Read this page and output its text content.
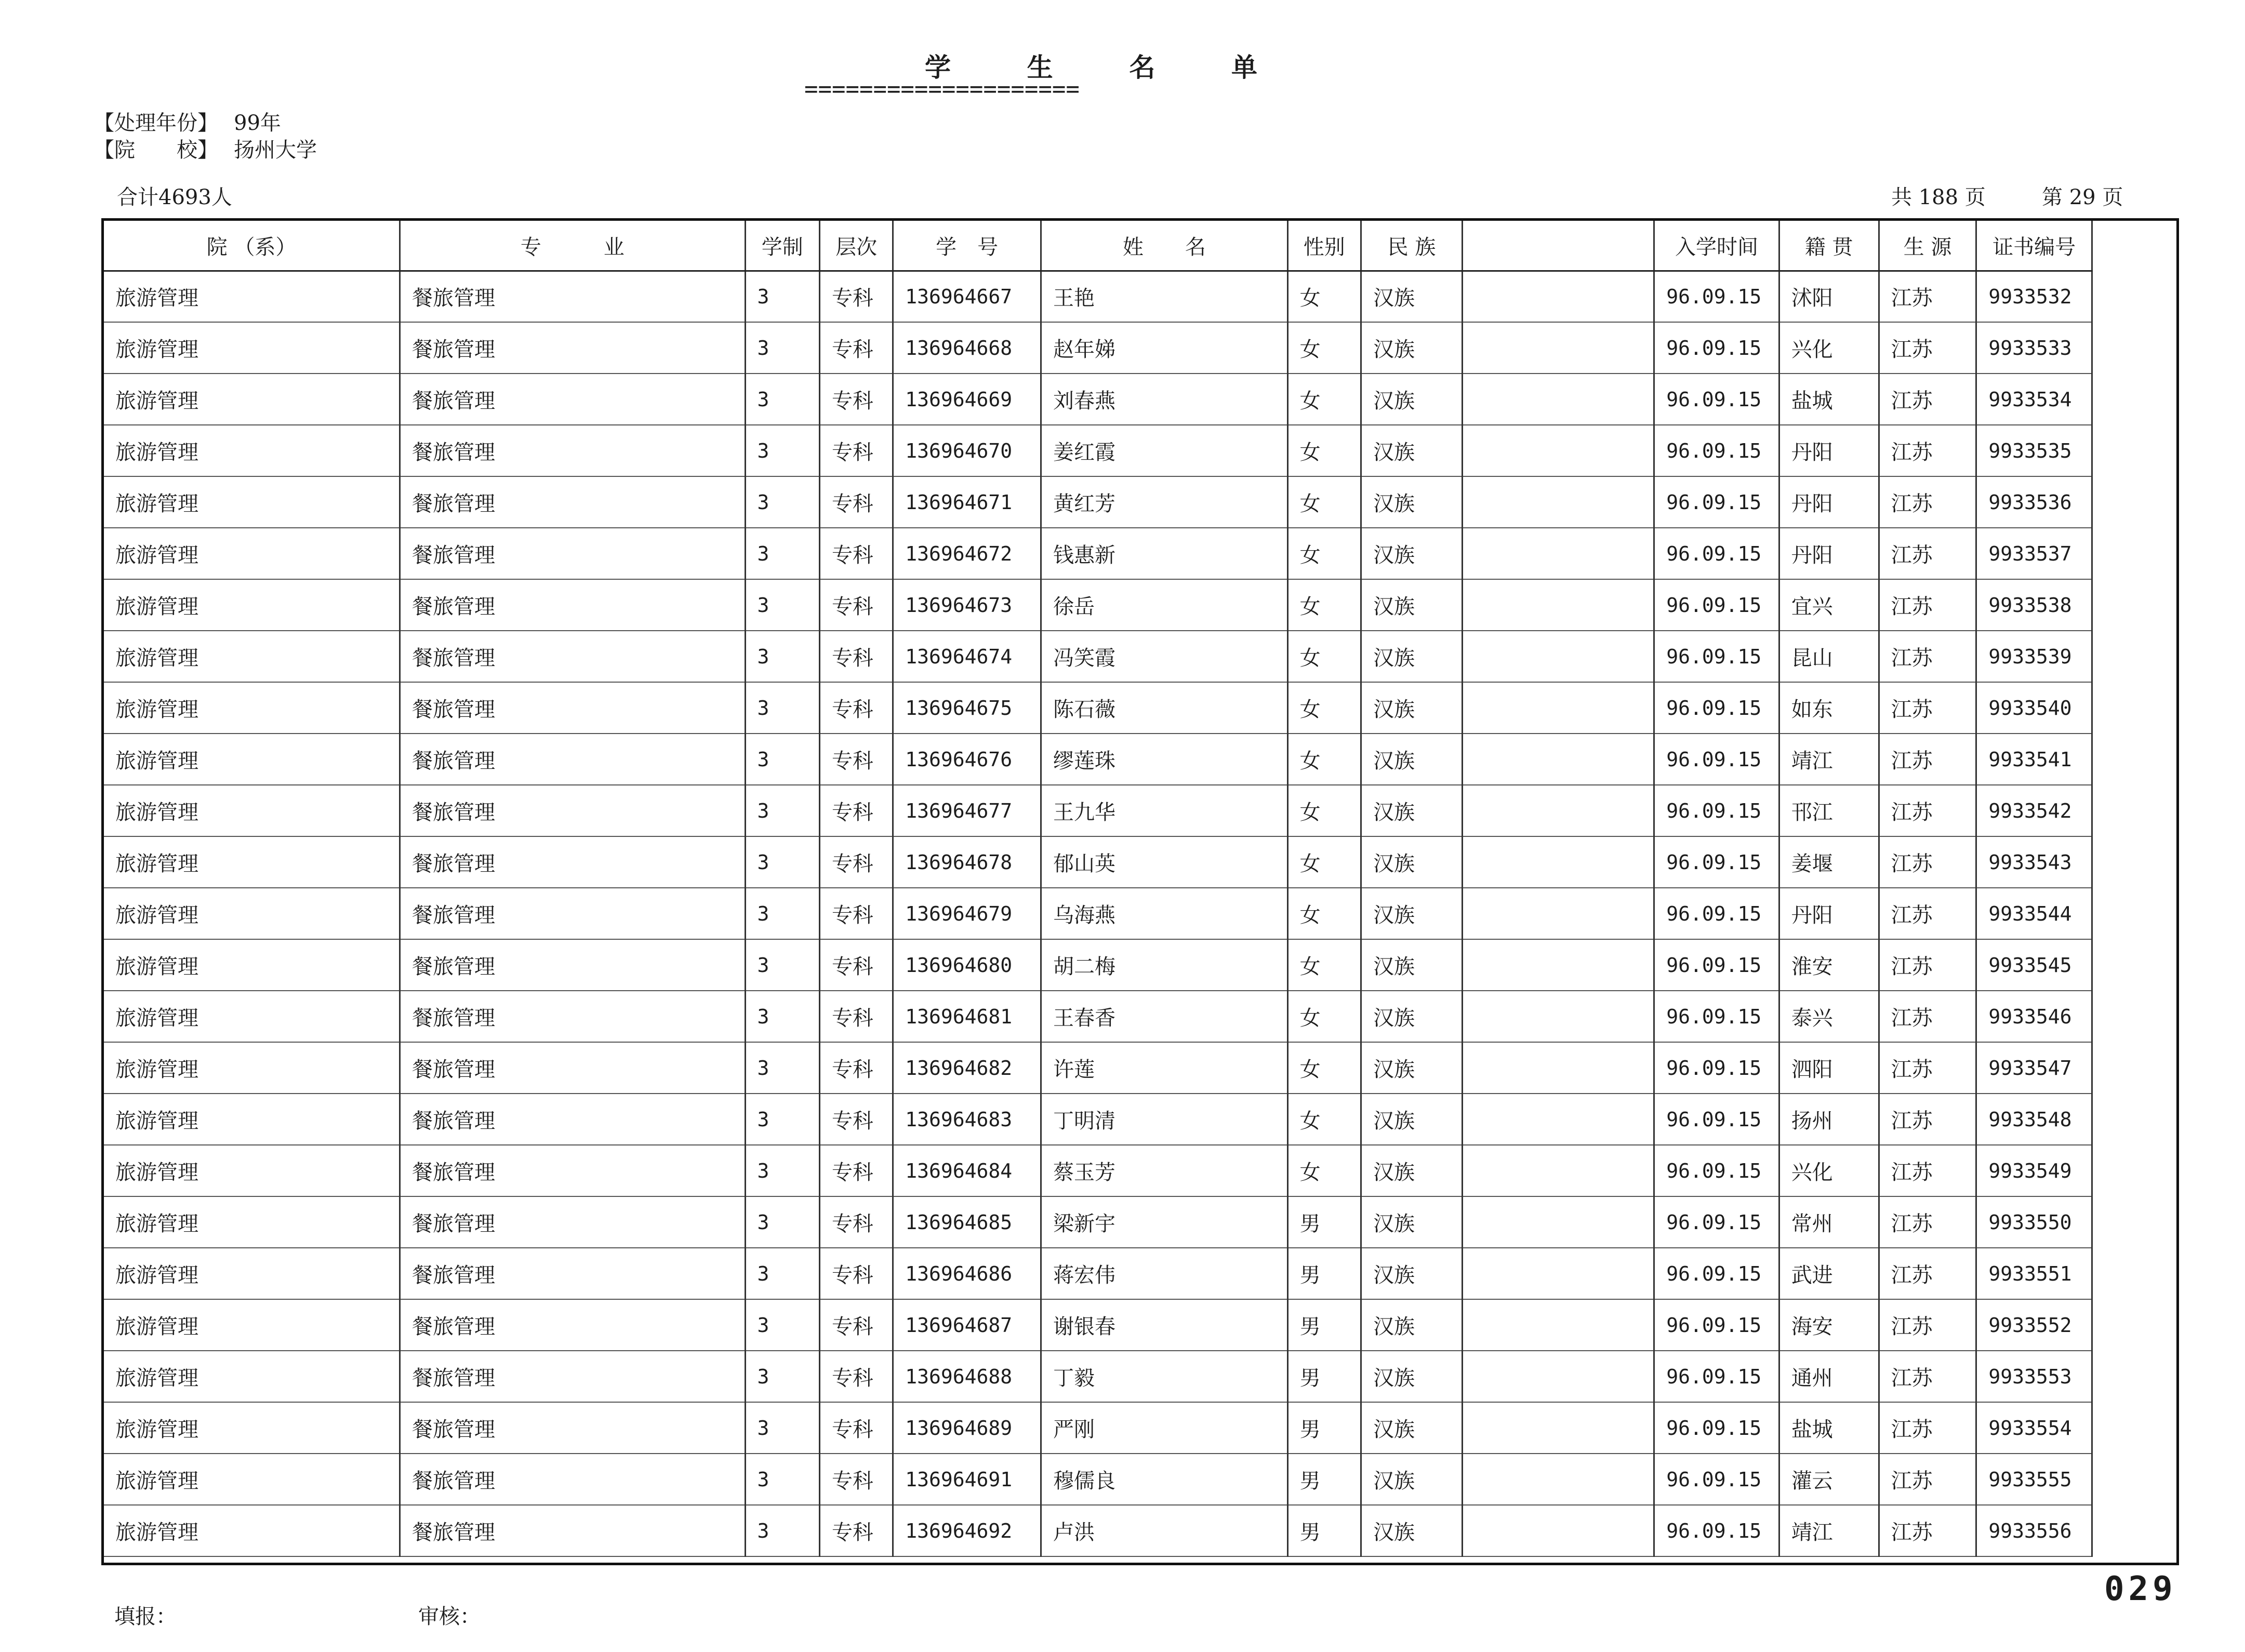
学	生	名	单
====================
【处理年份】 99年
【院　　校】 扬州大学
合计4693人	共 188 页	第 29 页
院 （系）	专　　　业	学制	层次	学　号	姓　　名	性别	民 族		入学时间	籍 贯	生 源	证书编号
旅游管理	餐旅管理	3	专科	136964667	王艳	女	汉族		96.09.15	沭阳	江苏	9933532
旅游管理	餐旅管理	3	专科	136964668	赵年娣	女	汉族		96.09.15	兴化	江苏	9933533
旅游管理	餐旅管理	3	专科	136964669	刘春燕	女	汉族		96.09.15	盐城	江苏	9933534
旅游管理	餐旅管理	3	专科	136964670	姜红霞	女	汉族		96.09.15	丹阳	江苏	9933535
旅游管理	餐旅管理	3	专科	136964671	黄红芳	女	汉族		96.09.15	丹阳	江苏	9933536
旅游管理	餐旅管理	3	专科	136964672	钱惠新	女	汉族		96.09.15	丹阳	江苏	9933537
旅游管理	餐旅管理	3	专科	136964673	徐岳	女	汉族		96.09.15	宜兴	江苏	9933538
旅游管理	餐旅管理	3	专科	136964674	冯笑霞	女	汉族		96.09.15	昆山	江苏	9933539
旅游管理	餐旅管理	3	专科	136964675	陈石薇	女	汉族		96.09.15	如东	江苏	9933540
旅游管理	餐旅管理	3	专科	136964676	缪莲珠	女	汉族		96.09.15	靖江	江苏	9933541
旅游管理	餐旅管理	3	专科	136964677	王九华	女	汉族		96.09.15	邗江	江苏	9933542
旅游管理	餐旅管理	3	专科	136964678	郁山英	女	汉族		96.09.15	姜堰	江苏	9933543
旅游管理	餐旅管理	3	专科	136964679	乌海燕	女	汉族		96.09.15	丹阳	江苏	9933544
旅游管理	餐旅管理	3	专科	136964680	胡二梅	女	汉族		96.09.15	淮安	江苏	9933545
旅游管理	餐旅管理	3	专科	136964681	王春香	女	汉族		96.09.15	泰兴	江苏	9933546
旅游管理	餐旅管理	3	专科	136964682	许莲	女	汉族		96.09.15	泗阳	江苏	9933547
旅游管理	餐旅管理	3	专科	136964683	丁明清	女	汉族		96.09.15	扬州	江苏	9933548
旅游管理	餐旅管理	3	专科	136964684	蔡玉芳	女	汉族		96.09.15	兴化	江苏	9933549
旅游管理	餐旅管理	3	专科	136964685	梁新宇	男	汉族		96.09.15	常州	江苏	9933550
旅游管理	餐旅管理	3	专科	136964686	蒋宏伟	男	汉族		96.09.15	武进	江苏	9933551
旅游管理	餐旅管理	3	专科	136964687	谢银春	男	汉族		96.09.15	海安	江苏	9933552
旅游管理	餐旅管理	3	专科	136964688	丁毅	男	汉族		96.09.15	通州	江苏	9933553
旅游管理	餐旅管理	3	专科	136964689	严刚	男	汉族		96.09.15	盐城	江苏	9933554
旅游管理	餐旅管理	3	专科	136964691	穆儒良	男	汉族		96.09.15	灌云	江苏	9933555
旅游管理	餐旅管理	3	专科	136964692	卢洪	男	汉族		96.09.15	靖江	江苏	9933556
填报：	审核：
029
